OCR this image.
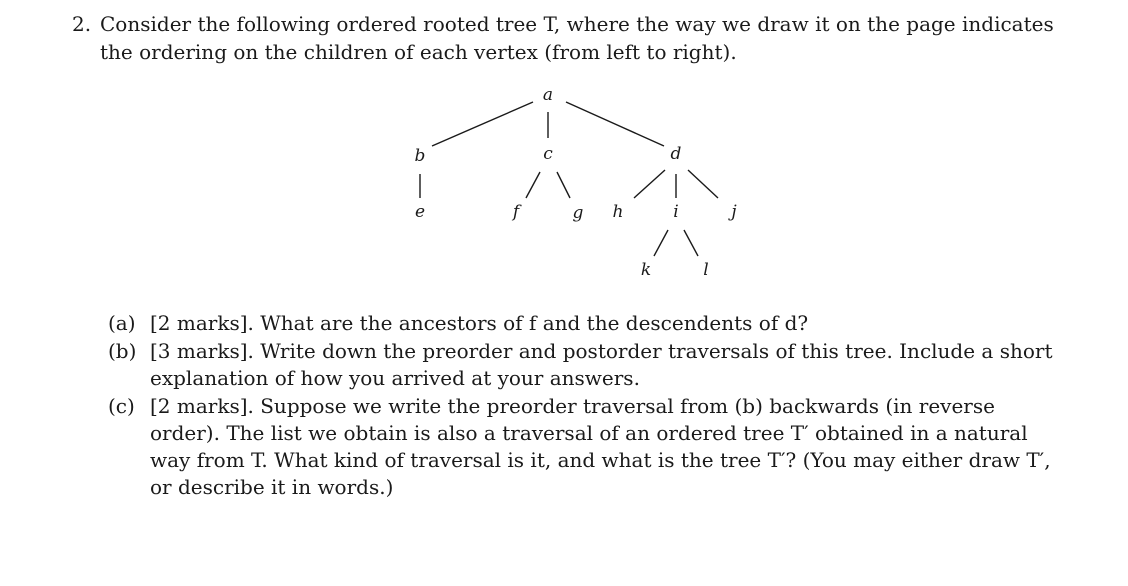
2. Consider the following ordered rooted tree T, where the way we draw it on the page indicates the ordering on the children of each vertex (from left to right).
a
b	c	d
e	f	g h	i	j
k	l
(a) [2 marks]. What are the ancestors of f and the descendents of d?
(b) [3 marks]. Write down the preorder and postorder traversals of this tree. Include a short explanation of how you arrived at your answers.
(c) [2 marks]. Suppose we write the preorder traversal from (b) backwards (in reverse order). The list we obtain is also a traversal of an ordered tree T′ obtained in a natural way from T. What kind of traversal is it, and what is the tree T′? (You may either draw T′, or describe it in words.)
